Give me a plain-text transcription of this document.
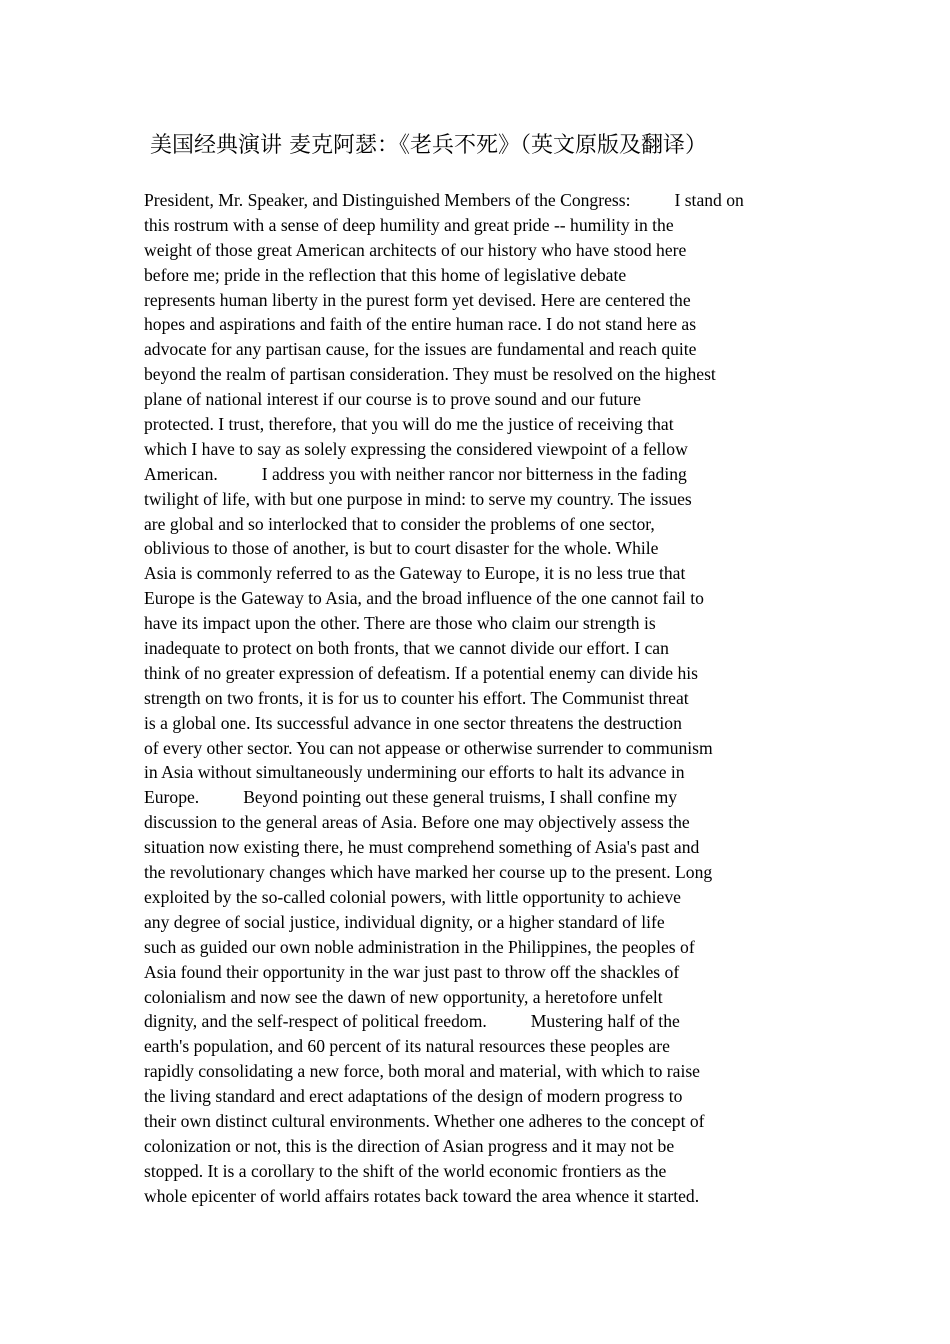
美国经典演讲 麦克阿瑟：《老兵不死》（英文原版及翻译）
President, Mr. Speaker, and Distinguished Members of the Congress:          I stand on
this rostrum with a sense of deep humility and great pride -- humility in the
weight of those great American architects of our history who have stood here
before me; pride in the reflection that this home of legislative debate
represents human liberty in the purest form yet devised. Here are centered the
hopes and aspirations and faith of the entire human race. I do not stand here as
advocate for any partisan cause, for the issues are fundamental and reach quite
beyond the realm of partisan consideration. They must be resolved on the highest
plane of national interest if our course is to prove sound and our future
protected. I trust, therefore, that you will do me the justice of receiving that
which I have to say as solely expressing the considered viewpoint of a fellow
American.          I address you with neither rancor nor bitterness in the fading
twilight of life, with but one purpose in mind: to serve my country. The issues
are global and so interlocked that to consider the problems of one sector,
oblivious to those of another, is but to court disaster for the whole. While
Asia is commonly referred to as the Gateway to Europe, it is no less true that
Europe is the Gateway to Asia, and the broad influence of the one cannot fail to
have its impact upon the other. There are those who claim our strength is
inadequate to protect on both fronts, that we cannot divide our effort. I can
think of no greater expression of defeatism. If a potential enemy can divide his
strength on two fronts, it is for us to counter his effort. The Communist threat
is a global one. Its successful advance in one sector threatens the destruction
of every other sector. You can not appease or otherwise surrender to communism
in Asia without simultaneously undermining our efforts to halt its advance in
Europe.          Beyond pointing out these general truisms, I shall confine my
discussion to the general areas of Asia. Before one may objectively assess the
situation now existing there, he must comprehend something of Asia's past and
the revolutionary changes which have marked her course up to the present. Long
exploited by the so-called colonial powers, with little opportunity to achieve
any degree of social justice, individual dignity, or a higher standard of life
such as guided our own noble administration in the Philippines, the peoples of
Asia found their opportunity in the war just past to throw off the shackles of
colonialism and now see the dawn of new opportunity, a heretofore unfelt
dignity, and the self-respect of political freedom.          Mustering half of the
earth's population, and 60 percent of its natural resources these peoples are
rapidly consolidating a new force, both moral and material, with which to raise
the living standard and erect adaptations of the design of modern progress to
their own distinct cultural environments. Whether one adheres to the concept of
colonization or not, this is the direction of Asian progress and it may not be
stopped. It is a corollary to the shift of the world economic frontiers as the
whole epicenter of world affairs rotates back toward the area whence it started.
